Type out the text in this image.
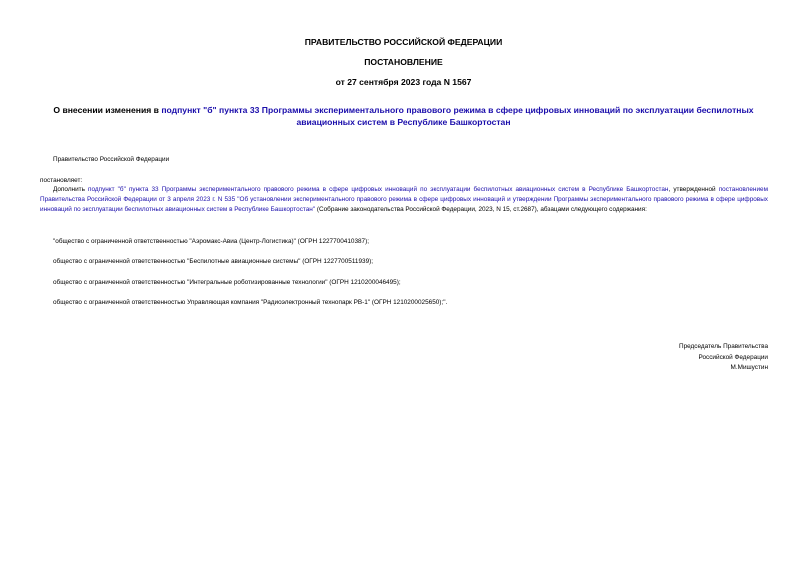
ПРАВИТЕЛЬСТВО РОССИЙСКОЙ ФЕДЕРАЦИИ
ПОСТАНОВЛЕНИЕ
от 27 сентября 2023 года N 1567
О внесении изменения в подпункт "б" пункта 33 Программы экспериментального правового режима в сфере цифровых инноваций по эксплуатации беспилотных авиационных систем в Республике Башкортостан
Правительство Российской Федерации
постановляет:
Дополнить подпункт "б" пункта 33 Программы экспериментального правового режима в сфере цифровых инноваций по эксплуатации беспилотных авиационных систем в Республике Башкортостан, утвержденной постановлением Правительства Российской Федерации от 3 апреля 2023 г. N 535 "Об установлении экспериментального правового режима в сфере цифровых инноваций и утверждении Программы экспериментального правового режима в сфере цифровых инноваций по эксплуатации беспилотных авиационных систем в Республике Башкортостан" (Собрание законодательства Российской Федерации, 2023, N 15, ст.2687), абзацами следующего содержания:
"общество с ограниченной ответственностью "Аэромакс-Авиа (Центр-Логистика)" (ОГРН 1227700410387);
общество с ограниченной ответственностью "Беспилотные авиационные системы" (ОГРН 1227700511939);
общество с ограниченной ответственностью "Интегральные роботизированные технологии" (ОГРН 1210200046495);
общество с ограниченной ответственностью Управляющая компания "Радиоэлектронный технопарк РВ-1" (ОГРН 1210200025650);".
Председатель Правительства
Российской Федерации
М.Мишустин
